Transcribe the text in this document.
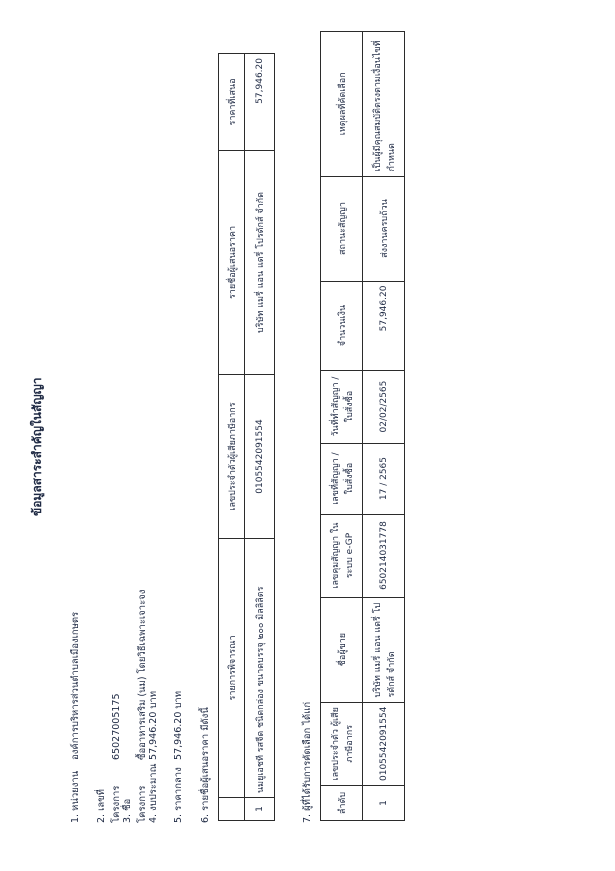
ข้อมูลสาระสำคัญในสัญญา
1. หน่วยงาน องค์การบริหารส่วนตำบลเมืองเกษตร
2. เลขที่โครงการ 65027005175
3. ชื่อโครงการ ซื้ออาหารเสริม (นม) โดยวิธีเฉพาะเจาะจง
4. งบประมาณ 57,946.20 บาท
5. ราคากลาง 57,946.20 บาท 6. รายชื่อผู้เสนอราคา มีดังนี้
	รายการพิจารณา	เลขประจำตัวผู้เสียภาษีอากร	รายชื่อผู้เสนอราคา	ราคาที่เสนอ
1	นมยูเอชที รสจืด ชนิดกล่อง ขนาดบรรจุ ๒๐๐ มิลลิลิตร	0105542091554	บริษัท แมรี่ แอน แดรี่ โปรดักส์ จำกัด	57,946.20
7. ผู้ที่ได้รับการคัดเลือก ได้แก่	ลำดับ	เลขประจำตัว ผู้เสียภาษีอากร	ชื่อผู้ขาย	เลขคุมสัญญา ในระบบ e-GP	เลขที่สัญญา / ใบสั่งซื้อ	วันที่ทำสัญญา / ใบสั่งซื้อ	จำนวนเงิน	สถานะสัญญา	เหตุผลที่คัดเลือก
1	0105542091554	บริษัท แมรี่ แอน แดรี่ โปรดักส์ จำกัด	650214031778	17 / 2565	02/02/2565	57,946.20	ส่งงานครบถ้วน	เป็นผู้มีคุณสมบัติตรงตามเงื่อนไขที่กำหนด
